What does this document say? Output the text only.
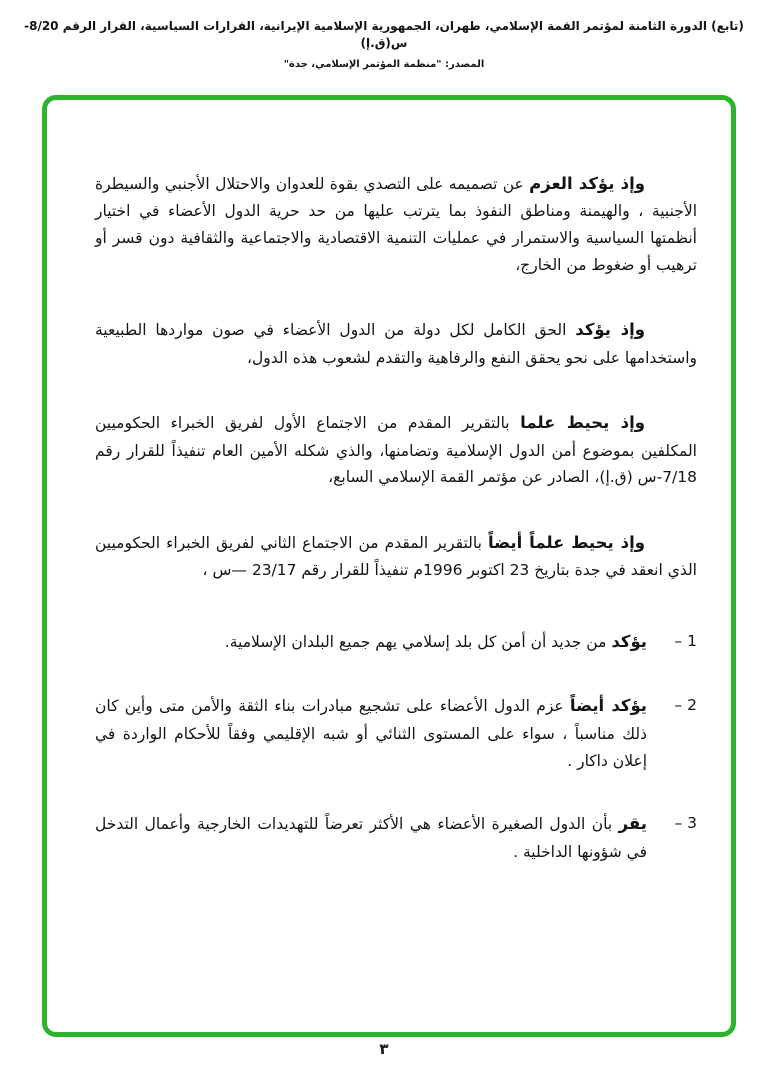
(تابع) الدورة الثامنة لمؤتمر القمة الإسلامي، طهران، الجمهورية الإسلامية الإيرانية، القرارات السياسية، القرار الرقم 8/20-س(ق.إ)
المصدر: "منظمة المؤتمر الإسلامي، جدة"

وإذ يؤكد العزم عن تصميمه على التصدي بقوة للعدوان والاحتلال الأجنبي والسيطرة الأجنبية ، والهيمنة ومناطق النفوذ بما يترتب عليها من حد حرية الدول الأعضاء في اختيار أنظمتها السياسية والاستمرار في عمليات التنمية الاقتصادية والاجتماعية والثقافية دون قسر أو ترهيب أو ضغوط من الخارج،

وإذ يؤكد الحق الكامل لكل دولة من الدول الأعضاء في صون مواردها الطبيعية واستخدامها على نحو يحقق النفع والرفاهية والتقدم لشعوب هذه الدول،

وإذ يحيط علما بالتقرير المقدم من الاجتماع الأول لفريق الخبراء الحكوميين المكلفين بموضوع أمن الدول الإسلامية وتضامنها، والذي شكله الأمين العام تنفيذاً للقرار رقم 7/18-س (ق.إ)، الصادر عن مؤتمر القمة الإسلامي السابع،

وإذ يحيط علماً أيضاً بالتقرير المقدم من الاجتماع الثاني لفريق الخبراء الحكوميين الذي انعقد في جدة بتاريخ 23 اكتوبر 1996م تنفيذاً للقرار رقم 23/17 —س ،

1 –

يؤكد من جديد أن أمن كل بلد إسلامي يهم جميع البلدان الإسلامية.

2 –

يؤكد أيضاً عزم الدول الأعضاء على تشجيع مبادرات بناء الثقة والأمن متى وأين كان ذلك مناسباً ، سواء على المستوى الثنائي أو شبه الإقليمي وفقاً للأحكام الواردة في إعلان داكار .

3 –

يقر بأن الدول الصغيرة الأعضاء هي الأكثر تعرضاً للتهديدات الخارجية وأعمال التدخل في شؤونها الداخلية .

٣
